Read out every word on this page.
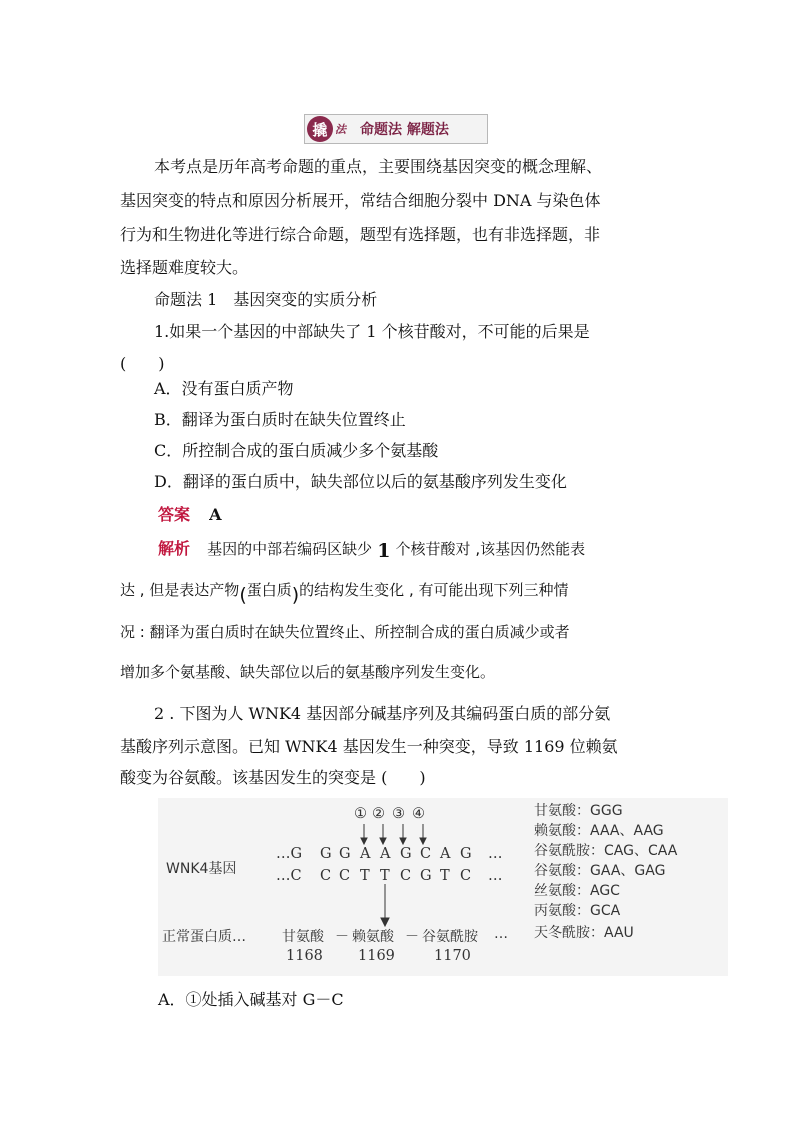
撬 法 命题法 解题法
本考点是历年高考命题的重点，主要围绕基因突变的概念理解、
基因突变的特点和原因分析展开，常结合细胞分裂中 DNA 与染色体
行为和生物进化等进行综合命题，题型有选择题，也有非选择题，非
选择题难度较大。
命题法 1　基因突变的实质分析
1.如果一个基因的中部缺失了 1 个核苷酸对，不可能的后果是
(　　)
A．没有蛋白质产物
B．翻译为蛋白质时在缺失位置终止
C．所控制合成的蛋白质减少多个氨基酸
D．翻译的蛋白质中，缺失部位以后的氨基酸序列发生变化
答案 A
解析 基因的中部若编码区缺少 1 个核苷酸对 ,该基因仍然能表
达 , 但是表达产物(蛋白质)的结构发生变化 , 有可能出现下列三种情
况 : 翻译为蛋白质时在缺失位置终止、所控制合成的蛋白质减少或者
增加多个氨基酸、缺失部位以后的氨基酸序列发生变化。
2 . 下图为人 WNK4 基因部分碱基序列及其编码蛋白质的部分氨
基酸序列示意图。已知 WNK4 基因发生一种突变，导致 1169 位赖氨
酸变为谷氨酸。该基因发生的突变是 (　　)
① ② ③ ④
WNK4基因
…G G G A A G C A G …
…C C C T T C G T C …
正常蛋白质…	甘氨酸 － 赖氨酸 － 谷氨酰胺 …
1168 1169	1170
甘氨酸：GGG
赖氨酸：AAA、AAG
谷氨酰胺：CAG、CAA
谷氨酸：GAA、GAG
丝氨酸：AGC
丙氨酸：GCA
天冬酰胺：AAU
A．①处插入碱基对 G－C
